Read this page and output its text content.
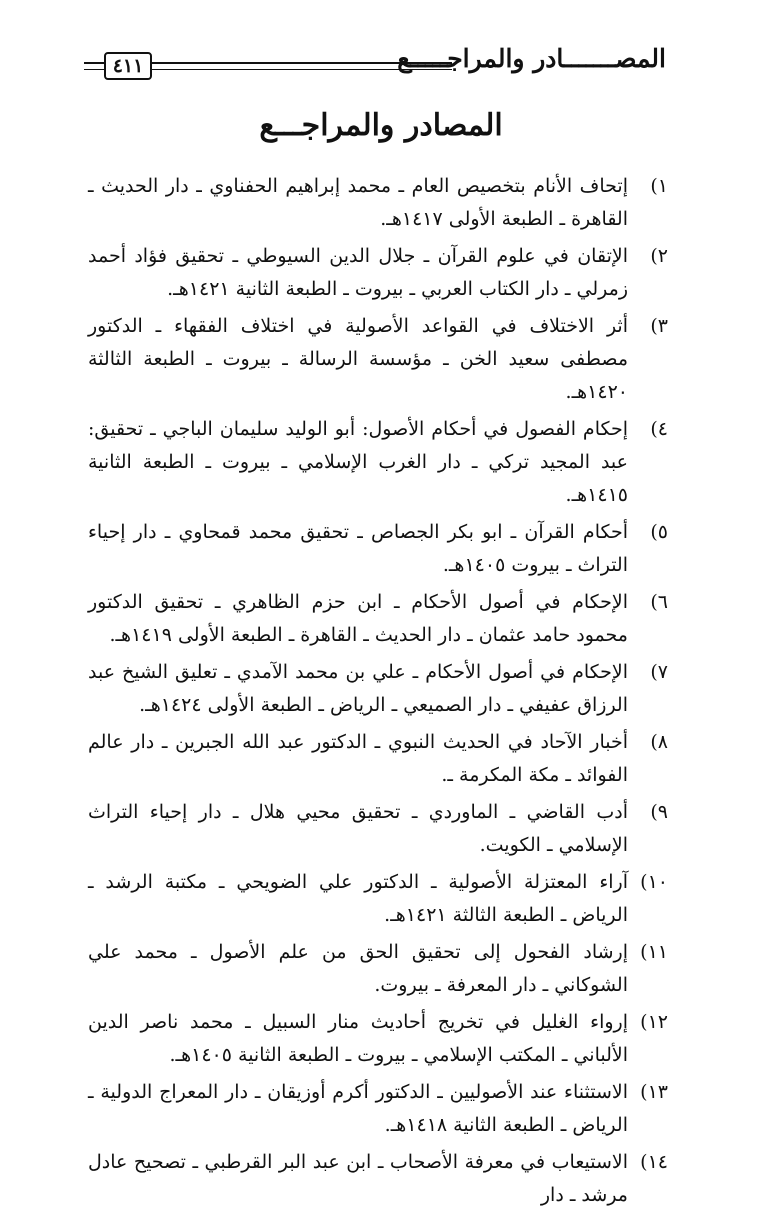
٤١١	المصـــــــادر والمراجـــــع
المصادر والمراجـــع
١)
إتحاف الأنام بتخصيص العام ـ محمد إبراهيم الحفناوي ـ دار الحديث ـ القاهرة ـ الطبعة الأولى ١٤١٧هـ.
٢)
الإتقان في علوم القرآن ـ جلال الدين السيوطي ـ تحقيق فؤاد أحمد زمرلي ـ دار الكتاب العربي ـ بيروت ـ الطبعة الثانية ١٤٢١هـ.
٣)
أثر الاختلاف في القواعد الأصولية في اختلاف الفقهاء ـ الدكتور مصطفى سعيد الخن ـ مؤسسة الرسالة ـ بيروت ـ الطبعة الثالثة ١٤٢٠هـ.
٤)
إحكام الفصول في أحكام الأصول: أبو الوليد سليمان الباجي ـ تحقيق: عبد المجيد تركي ـ دار الغرب الإسلامي ـ بيروت ـ الطبعة الثانية ١٤١٥هـ.
٥)
أحكام القرآن ـ ابو بكر الجصاص ـ تحقيق محمد قمحاوي ـ دار إحياء التراث ـ بيروت ١٤٠٥هـ.
٦)
الإحكام في أصول الأحكام ـ ابن حزم الظاهري ـ تحقيق الدكتور محمود حامد عثمان ـ دار الحديث ـ القاهرة ـ الطبعة الأولى ١٤١٩هـ.
٧)
الإحكام في أصول الأحكام ـ علي بن محمد الآمدي ـ تعليق الشيخ عبد الرزاق عفيفي ـ دار الصميعي ـ الرياض ـ الطبعة الأولى ١٤٢٤هـ.
٨)
أخبار الآحاد في الحديث النبوي ـ الدكتور عبد الله الجبرين ـ دار عالم الفوائد ـ مكة المكرمة ـ.
٩)
أدب القاضي ـ الماوردي ـ تحقيق محيي هلال ـ دار إحياء التراث الإسلامي ـ الكويت.
١٠)
آراء المعتزلة الأصولية ـ الدكتور علي الضويحي ـ مكتبة الرشد ـ الرياض ـ الطبعة الثالثة ١٤٢١هـ.
١١)
إرشاد الفحول إلى تحقيق الحق من علم الأصول ـ محمد علي الشوكاني ـ دار المعرفة ـ بيروت.
١٢)
إرواء الغليل في تخريج أحاديث منار السبيل ـ محمد ناصر الدين الألباني ـ المكتب الإسلامي ـ بيروت ـ الطبعة الثانية ١٤٠٥هـ.
١٣)
الاستثناء عند الأصوليين ـ الدكتور أكرم أوزيقان ـ دار المعراج الدولية ـ الرياض ـ الطبعة الثانية ١٤١٨هـ.
١٤)
الاستيعاب في معرفة الأصحاب ـ ابن عبد البر القرطبي ـ تصحيح عادل مرشد ـ دار
